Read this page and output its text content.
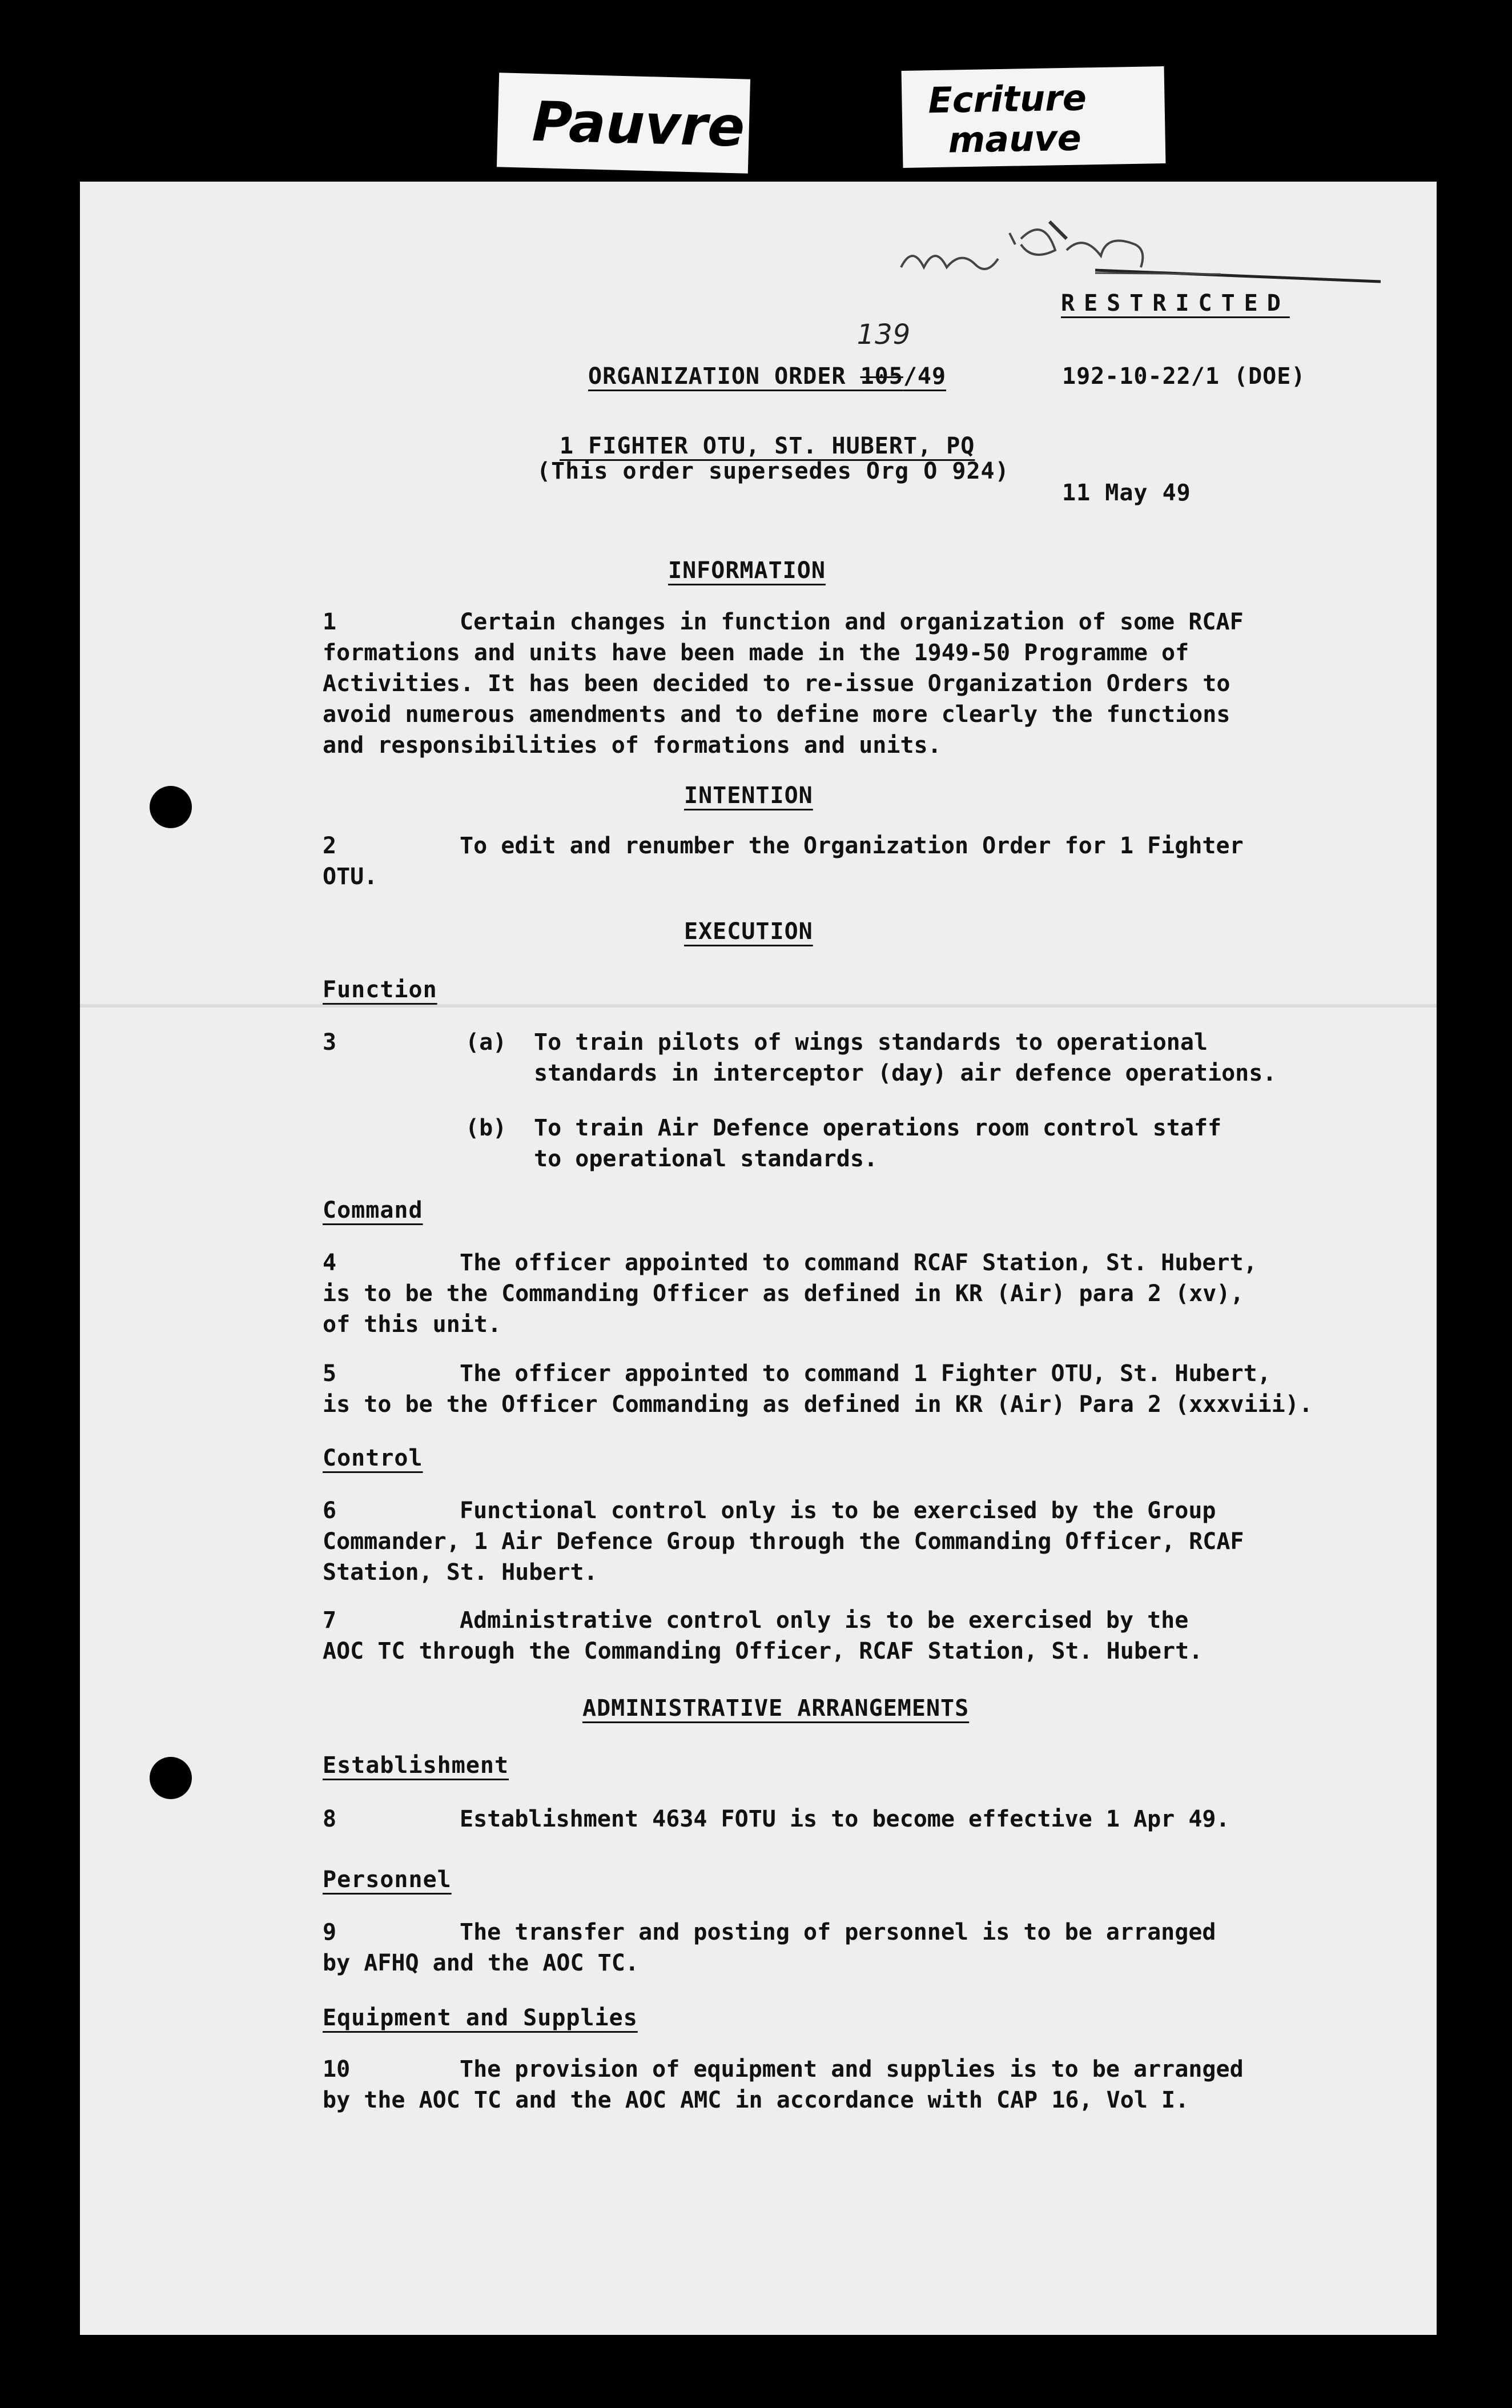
Pauvre	Ecriture
mauve
RESTRICTED
ORGANIZATION ORDER 105
139
/49	192-10-22/1 (DOE)
1 FIGHTER OTU, ST. HUBERT, PQ
(This order supersedes Org O 924)
11 May 49
INFORMATION
1	Certain changes in function and organization of some RCAF
formations and units have been made in the 1949-50 Programme of
Activities. It has been decided to re-issue Organization Orders to
avoid numerous amendments and to define more clearly the functions
and responsibilities of formations and units.
INTENTION
2	To edit and renumber the Organization Order for 1 Fighter
OTU.
EXECUTION
Function
3	(a) To train pilots of wings standards to operational
standards in interceptor (day) air defence operations.
(b) To train Air Defence operations room control staff
to operational standards.
Command
4	The officer appointed to command RCAF Station, St. Hubert,
is to be the Commanding Officer as defined in KR (Air) para 2 (xv),
of this unit.
5	The officer appointed to command 1 Fighter OTU, St. Hubert,
is to be the Officer Commanding as defined in KR (Air) Para 2 (xxxviii).
Control
6	Functional control only is to be exercised by the Group
Commander, 1 Air Defence Group through the Commanding Officer, RCAF
Station, St. Hubert.
7	Administrative control only is to be exercised by the
AOC TC through the Commanding Officer, RCAF Station, St. Hubert.
ADMINISTRATIVE ARRANGEMENTS
Establishment
8	Establishment 4634 FOTU is to become effective 1 Apr 49.
Personnel
9	The transfer and posting of personnel is to be arranged
by AFHQ and the AOC TC.
Equipment and Supplies
10	The provision of equipment and supplies is to be arranged
by the AOC TC and the AOC AMC in accordance with CAP 16, Vol I.
